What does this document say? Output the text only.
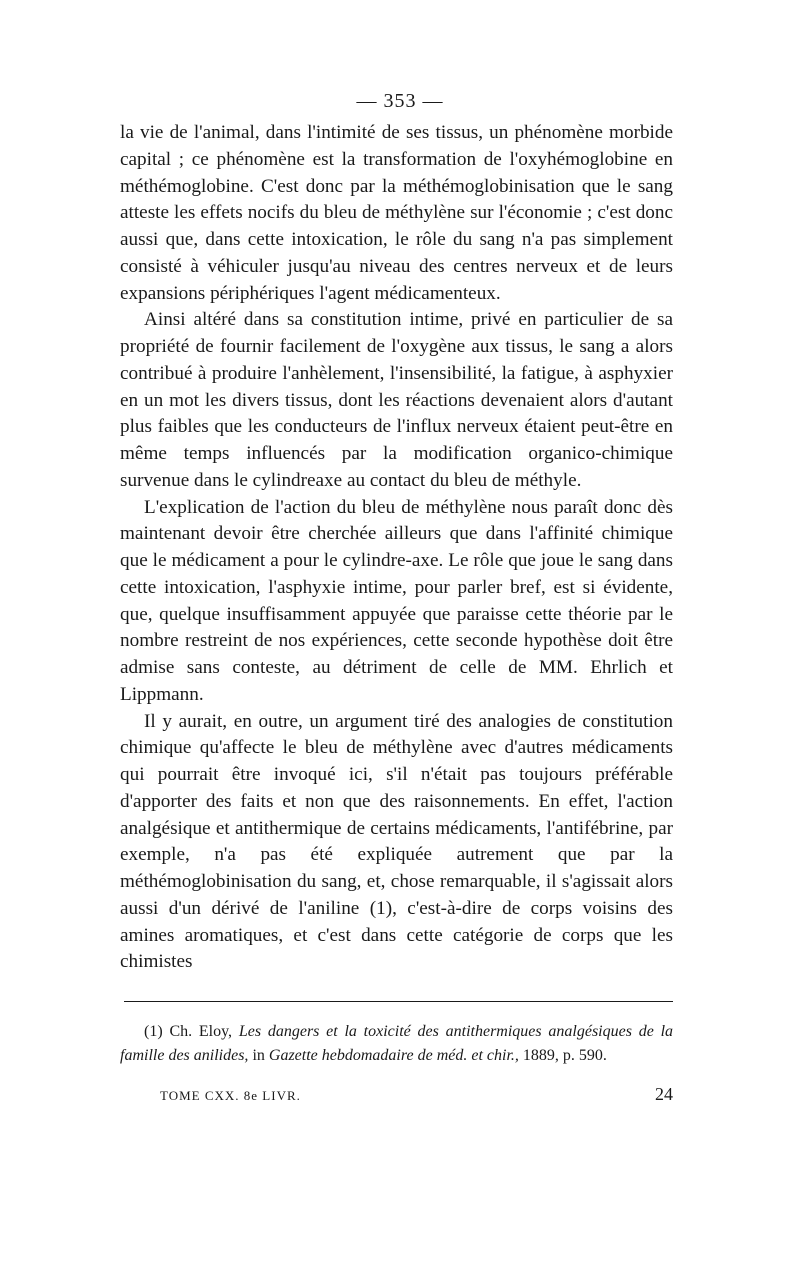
— 353 —

la vie de l'animal, dans l'intimité de ses tissus, un phénomène morbide capital ; ce phénomène est la transformation de l'oxyhémoglobine en méthémoglobine. C'est donc par la méthémoglobinisation que le sang atteste les effets nocifs du bleu de méthylène sur l'économie ; c'est donc aussi que, dans cette intoxication, le rôle du sang n'a pas simplement consisté à véhiculer jusqu'au niveau des centres nerveux et de leurs expansions périphériques l'agent médicamenteux.

Ainsi altéré dans sa constitution intime, privé en particulier de sa propriété de fournir facilement de l'oxygène aux tissus, le sang a alors contribué à produire l'anhèlement, l'insensibilité, la fatigue, à asphyxier en un mot les divers tissus, dont les réactions devenaient alors d'autant plus faibles que les conducteurs de l'influx nerveux étaient peut-être en même temps influencés par la modification organico-chimique survenue dans le cylindreaxe au contact du bleu de méthyle.

L'explication de l'action du bleu de méthylène nous paraît donc dès maintenant devoir être cherchée ailleurs que dans l'affinité chimique que le médicament a pour le cylindre-axe. Le rôle que joue le sang dans cette intoxication, l'asphyxie intime, pour parler bref, est si évidente, que, quelque insuffisamment appuyée que paraisse cette théorie par le nombre restreint de nos expériences, cette seconde hypothèse doit être admise sans conteste, au détriment de celle de MM. Ehrlich et Lippmann.

Il y aurait, en outre, un argument tiré des analogies de constitution chimique qu'affecte le bleu de méthylène avec d'autres médicaments qui pourrait être invoqué ici, s'il n'était pas toujours préférable d'apporter des faits et non que des raisonnements. En effet, l'action analgésique et antithermique de certains médicaments, l'antifébrine, par exemple, n'a pas été expliquée autrement que par la méthémoglobinisation du sang, et, chose remarquable, il s'agissait alors aussi d'un dérivé de l'aniline (1), c'est-à-dire de corps voisins des amines aromatiques, et c'est dans cette catégorie de corps que les chimistes

(1) Ch. Eloy, Les dangers et la toxicité des antithermiques analgésiques de la famille des anilides, in Gazette hebdomadaire de méd. et chir., 1889, p. 590.

TOME CXX. 8e LIVR.	24
